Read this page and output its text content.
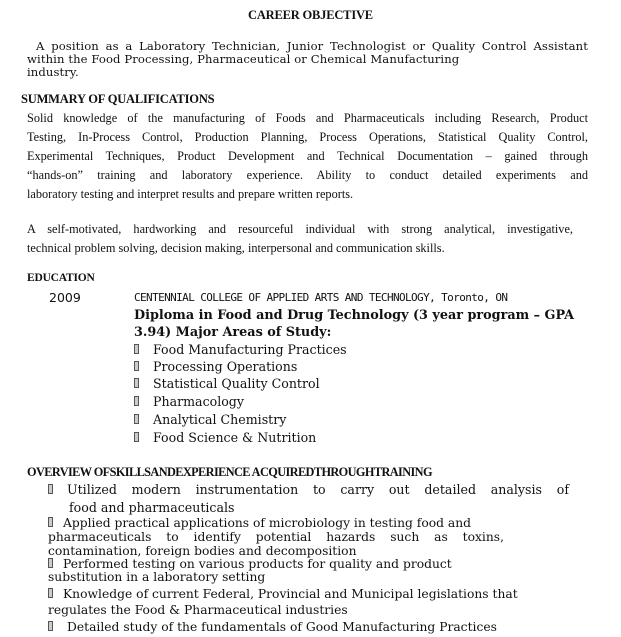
CAREER OBJECTIVE
A position as a Laboratory Technician, Junior Technologist or Quality Control Assistant
within the Food Processing, Pharmaceutical or Chemical Manufacturing
industry.
SUMMARY OF QUALIFICATIONS
Solid knowledge of the manufacturing of Foods and Pharmaceuticals including Research, Product
Testing, In-Process Control, Production Planning, Process Operations, Statistical Quality Control,
Experimental Techniques, Product Development and Technical Documentation – gained through
“hands-on” training and laboratory experience. Ability to conduct detailed experiments and
laboratory testing and interpret results and prepare written reports.
A self-motivated, hardworking and resourceful individual with strong analytical, investigative,
technical problem solving, decision making, interpersonal and communication skills.
EDUCATION
2009	CENTENNIAL COLLEGE OF APPLIED ARTS AND TECHNOLOGY, Toronto, ON
Diploma in Food and Drug Technology (3 year program – GPA
3.94) Major Areas of Study:
Food Manufacturing Practices
Processing Operations
Statistical Quality Control
Pharmacology
Analytical Chemistry
Food Science & Nutrition
OVERVIEW OFSKILLSANDEXPERIENCE ACQUIREDTHROUGHTRAINING
Utilized modern instrumentation to carry out detailed analysis of
food and pharmaceuticals
Applied practical applications of microbiology in testing food and
pharmaceuticals to identify potential hazards such as toxins,
contamination, foreign bodies and decomposition
Performed testing on various products for quality and product
substitution in a laboratory setting
Knowledge of current Federal, Provincial and Municipal legislations that
regulates the Food & Pharmaceutical industries
Detailed study of the fundamentals of Good Manufacturing Practices
